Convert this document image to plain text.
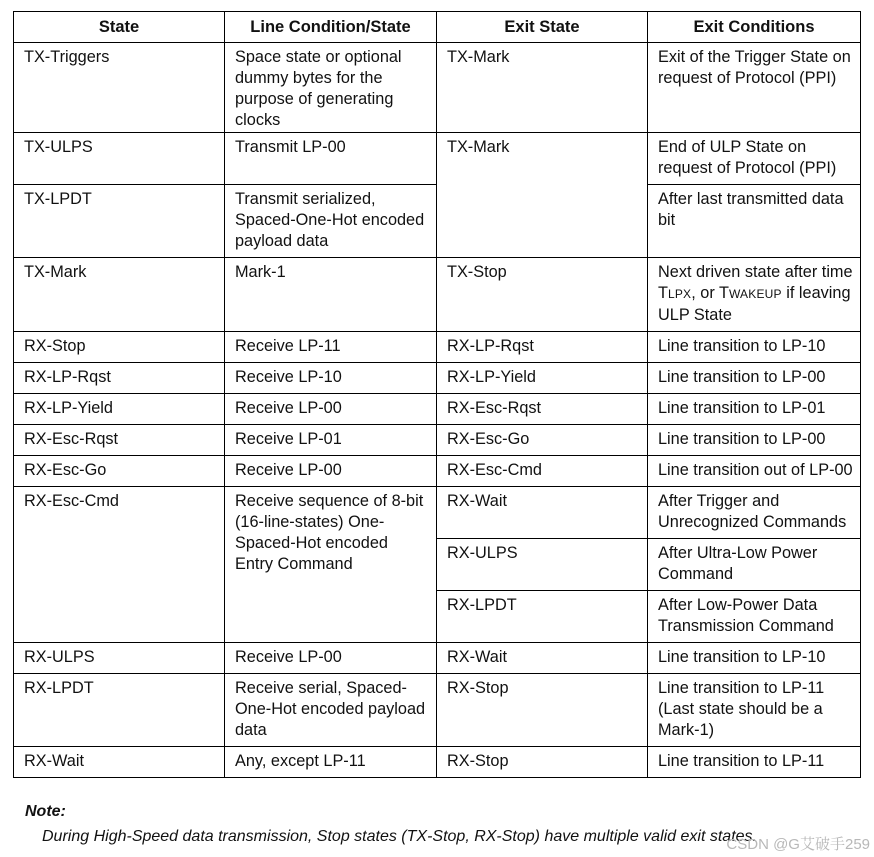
State	Line Condition/State	Exit State	Exit Conditions
TX-Triggers	Space state or optional dummy bytes for the purpose of generating clocks	TX-Mark	Exit of the Trigger State on request of Protocol (PPI)
TX-ULPS	Transmit LP-00	TX-Mark	End of ULP State on request of Protocol (PPI)
TX-LPDT	Transmit serialized, Spaced-One-Hot encoded payload data		After last transmitted data bit
TX-Mark	Mark-1	TX-Stop	Next driven state after time TLPX, or TWAKEUP if leaving ULP State
RX-Stop	Receive LP-11	RX-LP-Rqst	Line transition to LP-10
RX-LP-Rqst	Receive LP-10	RX-LP-Yield	Line transition to LP-00
RX-LP-Yield	Receive LP-00	RX-Esc-Rqst	Line transition to LP-01
RX-Esc-Rqst	Receive LP-01	RX-Esc-Go	Line transition to LP-00
RX-Esc-Go	Receive LP-00	RX-Esc-Cmd	Line transition out of LP-00
RX-Esc-Cmd	Receive sequence of 8-bit (16-line-states) One-Spaced-Hot encoded Entry Command	RX-Wait	After Trigger and Unrecognized Commands
		RX-ULPS	After Ultra-Low Power Command
		RX-LPDT	After Low-Power Data Transmission Command
RX-ULPS	Receive LP-00	RX-Wait	Line transition to LP-10
RX-LPDT	Receive serial, Spaced-One-Hot encoded payload data	RX-Stop	Line transition to LP-11 (Last state should be a Mark-1)
RX-Wait	Any, except LP-11	RX-Stop	Line transition to LP-11
Note:
During High-Speed data transmission, Stop states (TX-Stop, RX-Stop) have multiple valid exit states.
CSDN @G艾破手259
